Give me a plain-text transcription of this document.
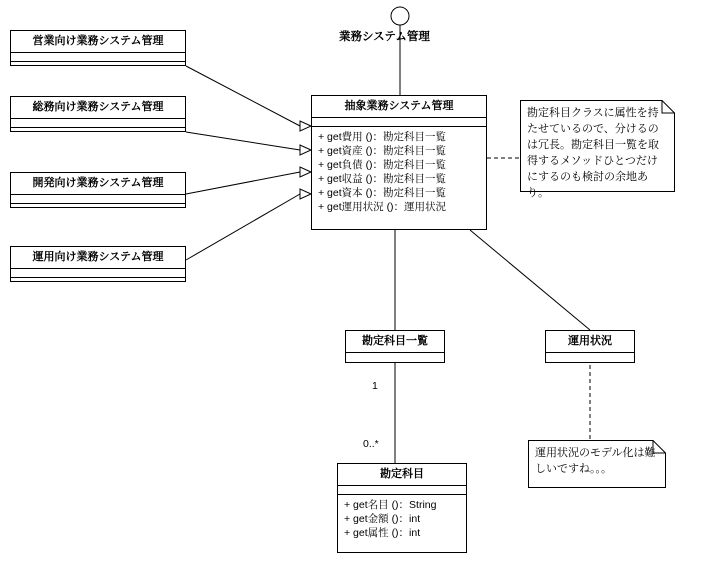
業務システム管理
営業向け業務システム管理
総務向け業務システム管理
開発向け業務システム管理
運用向け業務システム管理
抽象業務システム管理
+ get費用 ()：勘定科目一覧
+ get資産 ()：勘定科目一覧
+ get負債 ()：勘定科目一覧
+ get収益 ()：勘定科目一覧
+ get資本 ()：勘定科目一覧
+ get運用状況 ()：運用状況
勘定科目一覧	運用状況
勘定科目
+ get名目 ()：String
+ get金額 ()：int
+ get属性 ()：int
1
0..*
勘定科目クラスに属性を持たせているので、分けるのは冗長。勘定科目一覧を取得するメソッドひとつだけにするのも検討の余地あり。
運用状況のモデル化は難しいですね。。。
